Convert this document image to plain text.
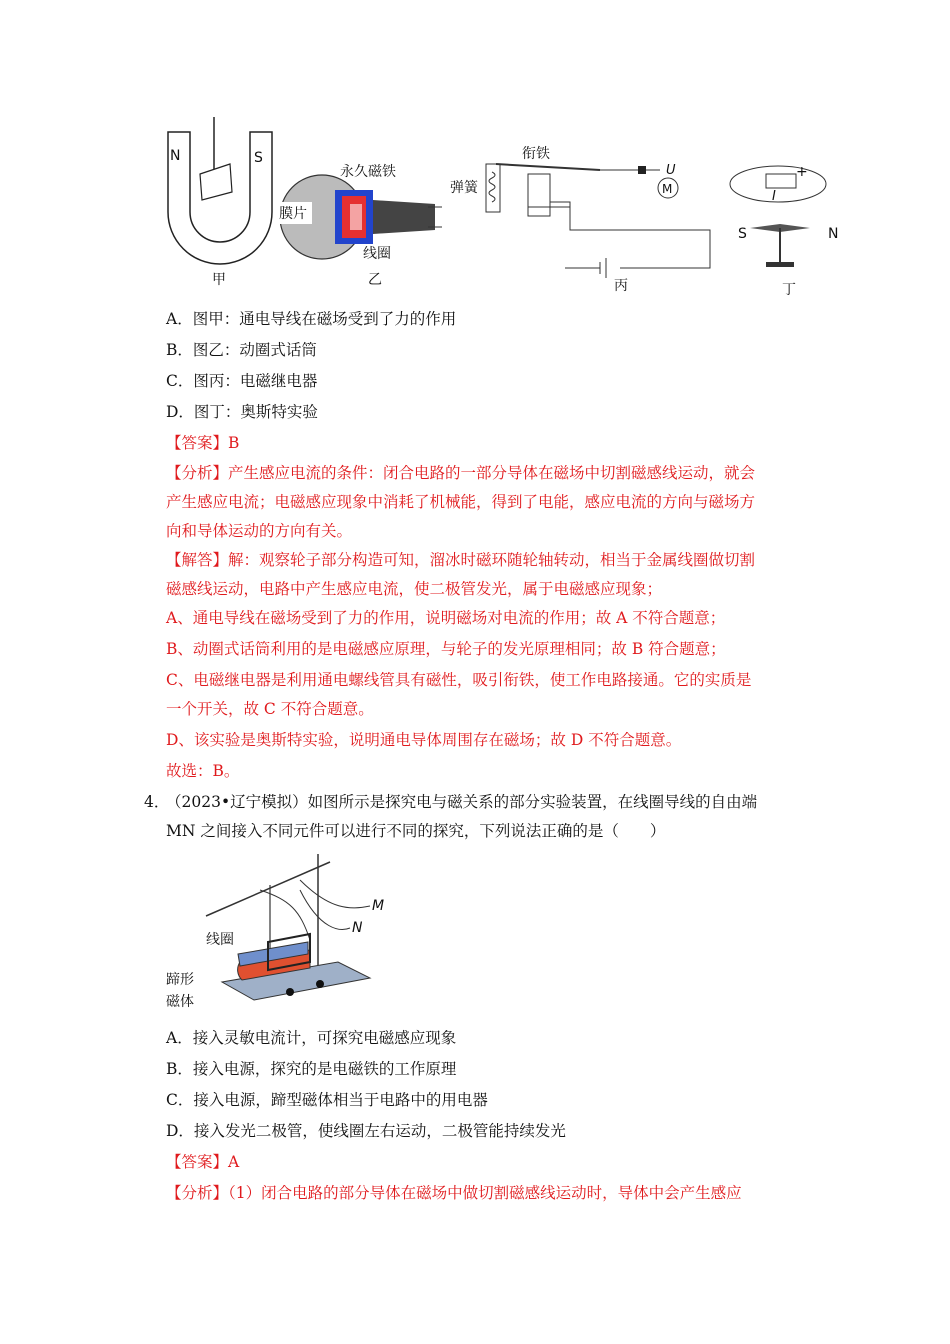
N	S
甲
膜片
永久磁铁
线圈
乙
M
U
弹簧
衔铁
丙
I
+
S	N
丁
A．图甲：通电导线在磁场受到了力的作用
B．图乙：动圈式话筒
C．图丙：电磁继电器
D．图丁：奥斯特实验
【答案】B
【分析】产生感应电流的条件：闭合电路的一部分导体在磁场中切割磁感线运动，就会
产生感应电流；电磁感应现象中消耗了机械能，得到了电能，感应电流的方向与磁场方
向和导体运动的方向有关。
【解答】解：观察轮子部分构造可知，溜冰时磁环随轮轴转动，相当于金属线圈做切割
磁感线运动，电路中产生感应电流，使二极管发光，属于电磁感应现象；
A、通电导线在磁场受到了力的作用，说明磁场对电流的作用；故 A 不符合题意；
B、动圈式话筒利用的是电磁感应原理，与轮子的发光原理相同；故 B 符合题意；
C、电磁继电器是利用通电螺线管具有磁性，吸引衔铁，使工作电路接通。它的实质是
一个开关，故 C 不符合题意。
D、该实验是奥斯特实验，说明通电导体周围存在磁场；故 D 不符合题意。
故选：B。
4．
（2023•辽宁模拟）如图所示是探究电与磁关系的部分实验装置，在线圈导线的自由端
MN 之间接入不同元件可以进行不同的探究，下列说法正确的是（　　）
M
N
线圈
蹄形
磁体
A．接入灵敏电流计，可探究电磁感应现象
B．接入电源，探究的是电磁铁的工作原理
C．接入电源，蹄型磁体相当于电路中的用电器
D．接入发光二极管，使线圈左右运动，二极管能持续发光
【答案】A
【分析】（1）闭合电路的部分导体在磁场中做切割磁感线运动时，导体中会产生感应
